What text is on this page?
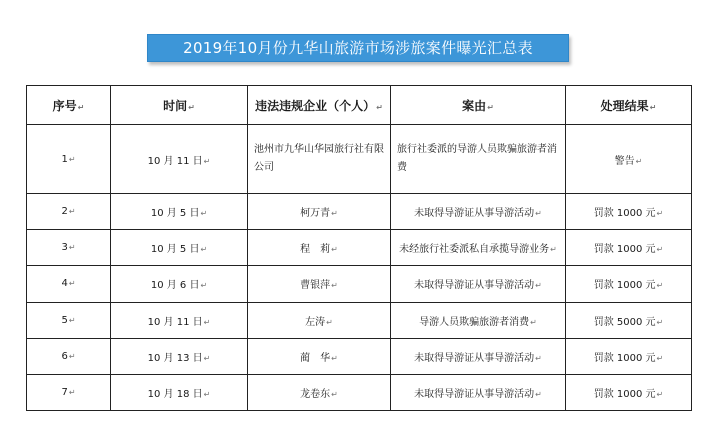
2019年10月份九华山旅游市场涉旅案件曝光汇总表
序号 ↵	时间 ↵	违法违规企业（个人） ↵	案由 ↵	处理结果 ↵
1 ↵	10 月 11 日 ↵	池州市九华山华园旅行社有限公司	旅行社委派的导游人员欺骗旅游者消费	警告 ↵
2 ↵	10 月 5 日 ↵	柯万青 ↵	未取得导游证从事导游活动 ↵	罚款 1000 元 ↵
3 ↵	10 月 5 日 ↵	程　莉 ↵	未经旅行社委派私自承揽导游业务 ↵	罚款 1000 元 ↵
4 ↵	10 月 6 日 ↵	曹银萍 ↵	未取得导游证从事导游活动 ↵	罚款 1000 元 ↵
5 ↵	10 月 11 日 ↵	左涛 ↵	导游人员欺骗旅游者消费 ↵	罚款 5000 元 ↵
6 ↵	10 月 13 日 ↵	蔺　华 ↵	未取得导游证从事导游活动 ↵	罚款 1000 元 ↵
7 ↵	10 月 18 日 ↵	龙卷东 ↵	未取得导游证从事导游活动 ↵	罚款 1000 元 ↵
